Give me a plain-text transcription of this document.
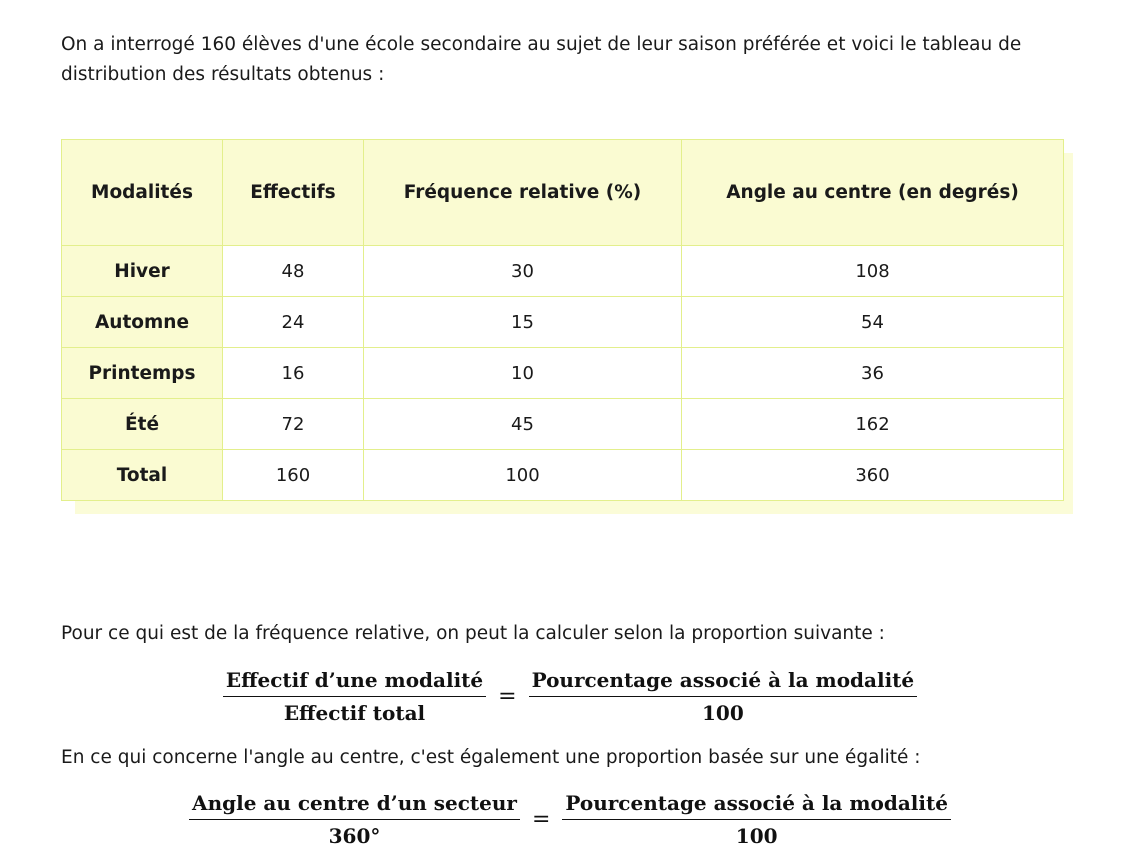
On a interrogé 160 élèves d'une école secondaire au sujet de leur saison préférée et voici le tableau de distribution des résultats obtenus :

Modalités	Effectifs	Fréquence relative (%)	Angle au centre (en degrés)
Hiver	48	30	108
Automne	24	15	54
Printemps	16	10	36
Été	72	45	162
Total	160	100	360

Pour ce qui est de la fréquence relative, on peut la calculer selon la proportion suivante :

$\frac{\text{Effectif d’une modalité}}{\text{Effectif total}} = \frac{\text{Pourcentage associé à la modalité}}{100}$

En ce qui concerne l'angle au centre, c'est également une proportion basée sur une égalité :

$\frac{\text{Angle au centre d’un secteur}}{360^\circ} = \frac{\text{Pourcentage associé à la modalité}}{100}$
